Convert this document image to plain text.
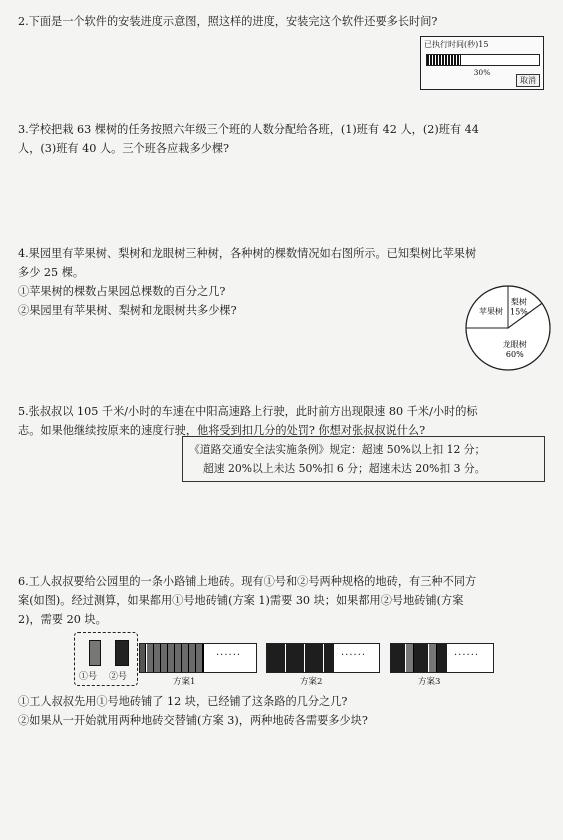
2.下面是一个软件的安装进度示意图，照这样的进度，安装完这个软件还要多长时间?

已执行时间(秒)15
30%
取消

3.学校把栽 63 棵树的任务按照六年级三个班的人数分配给各班，(1)班有 42 人，(2)班有 44

人，(3)班有 40 人。三个班各应栽多少棵?

4.果园里有苹果树、梨树和龙眼树三种树，各种树的棵数情况如右图所示。已知梨树比苹果树

多少 25 棵。

①苹果树的棵数占果园总棵数的百分之几?

②果园里有苹果树、梨树和龙眼树共多少棵?

梨树
15%
龙眼树
60%
苹果树

5.张叔叔以 105 千米/小时的车速在中阳高速路上行驶，此时前方出现限速 80 千米/小时的标

志。如果他继续按原来的速度行驶，他将受到扣几分的处罚? 你想对张叔叔说什么?

《道路交通安全法实施条例》规定：超速 50%以上扣 12 分；

超速 20%以上未达 50%扣 6 分；超速未达 20%扣 3 分。

6.工人叔叔要给公园里的一条小路铺上地砖。现有①号和②号两种规格的地砖，有三种不同方

案(如图)。经过测算，如果都用①号地砖铺(方案 1)需要 30 块；如果都用②号地砖铺(方案

2)，需要 20 块。

①号 ②号
······
方案1
······
方案2
······
方案3

①工人叔叔先用①号地砖铺了 12 块，已经铺了这条路的几分之几?

②如果从一开始就用两种地砖交替铺(方案 3)，两种地砖各需要多少块?
